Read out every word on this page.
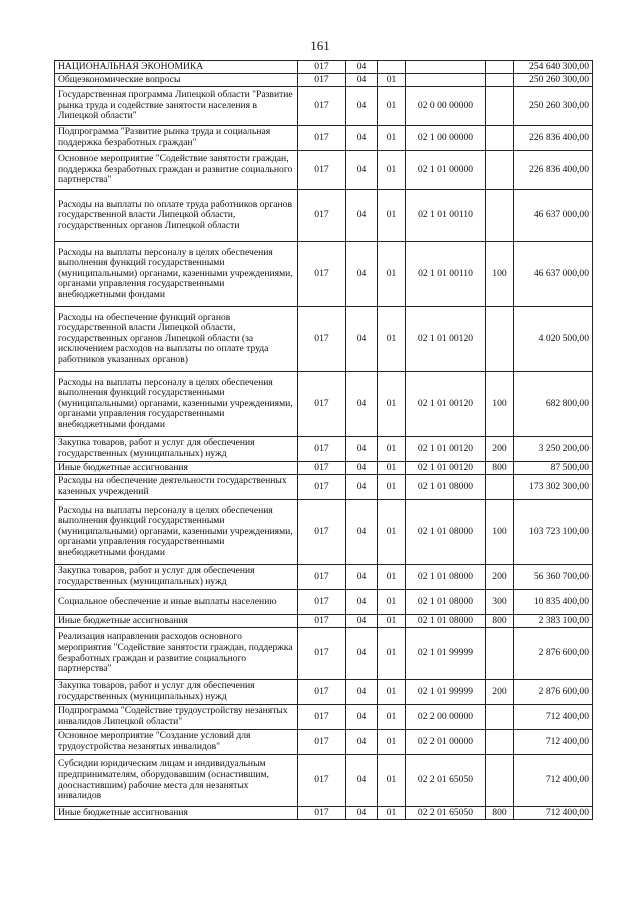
161
НАЦИОНАЛЬНАЯ ЭКОНОМИКА	017	04				254 640 300,00
Общеэкономические вопросы	017	04	01			250 260 300,00
Государственная программа Липецкой области "Развитие рынка труда и содействие занятости населения в Липецкой области"	017	04	01	02 0 00 00000		250 260 300,00
Подпрограмма "Развитие рынка труда и социальная поддержка безработных граждан"	017	04	01	02 1 00 00000		226 836 400,00
Основное мероприятие "Содействие занятости граждан, поддержка безработных граждан и развитие социального партнерства"	017	04	01	02 1 01 00000		226 836 400,00
Расходы на выплаты по оплате труда работников органов государственной власти Липецкой области, государственных органов Липецкой области	017	04	01	02 1 01 00110		46 637 000,00
Расходы на выплаты персоналу в целях обеспечения выполнения функций государственными (муниципальными) органами, казенными учреждениями, органами управления государственными внебюджетными фондами	017	04	01	02 1 01 00110	100	46 637 000,00
Расходы на обеспечение функций органов государственной власти Липецкой области, государственных органов Липецкой области (за исключением расходов на выплаты по оплате труда работников указанных органов)	017	04	01	02 1 01 00120		4 020 500,00
Расходы на выплаты персоналу в целях обеспечения выполнения функций государственными (муниципальными) органами, казенными учреждениями, органами управления государственными внебюджетными фондами	017	04	01	02 1 01 00120	100	682 800,00
Закупка товаров, работ и услуг для обеспечения государственных (муниципальных) нужд	017	04	01	02 1 01 00120	200	3 250 200,00
Иные бюджетные ассигнования	017	04	01	02 1 01 00120	800	87 500,00
Расходы на обеспечение деятельности государственных казенных учреждений	017	04	01	02 1 01 08000		173 302 300,00
Расходы на выплаты персоналу в целях обеспечения выполнения функций государственными (муниципальными) органами, казенными учреждениями, органами управления государственными внебюджетными фондами	017	04	01	02 1 01 08000	100	103 723 100,00
Закупка товаров, работ и услуг для обеспечения государственных (муниципальных) нужд	017	04	01	02 1 01 08000	200	56 360 700,00
Социальное обеспечение и иные выплаты населению	017	04	01	02 1 01 08000	300	10 835 400,00
Иные бюджетные ассигнования	017	04	01	02 1 01 08000	800	2 383 100,00
Реализация направления расходов основного мероприятия "Содействие занятости граждан, поддержка безработных граждан и развитие социального партнерства"	017	04	01	02 1 01 99999		2 876 600,00
Закупка товаров, работ и услуг для обеспечения государственных (муниципальных) нужд	017	04	01	02 1 01 99999	200	2 876 600,00
Подпрограмма "Содействие трудоустройству незанятых инвалидов Липецкой области"	017	04	01	02 2 00 00000		712 400,00
Основное мероприятие "Создание условий для трудоустройства незанятых инвалидов"	017	04	01	02 2 01 00000		712 400,00
Субсидии юридическим лицам и индивидуальным предпринимателям, оборудовавшим (оснастившим, дооснастившим) рабочие места для незанятых инвалидов	017	04	01	02 2 01 65050		712 400,00
Иные бюджетные ассигнования	017	04	01	02 2 01 65050	800	712 400,00
